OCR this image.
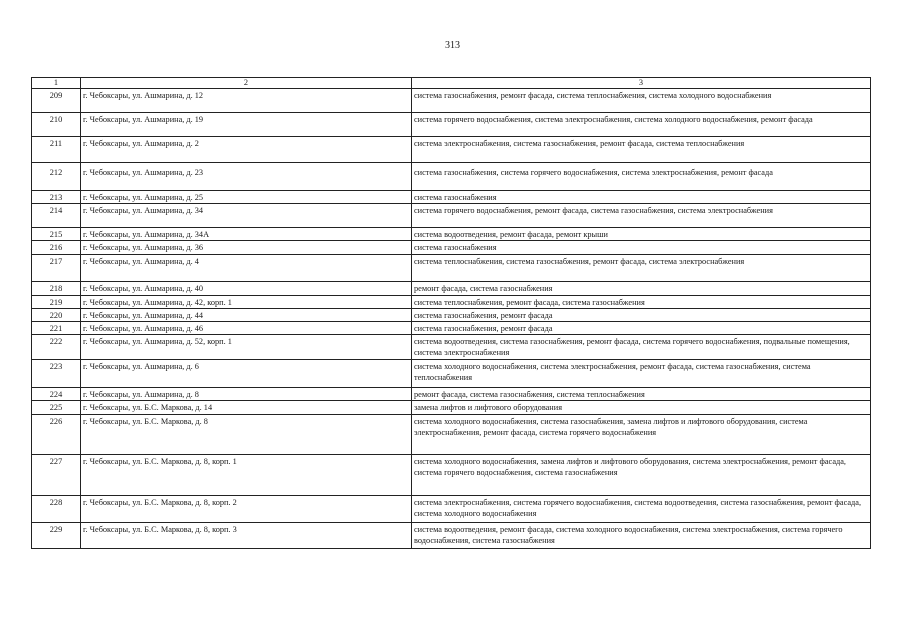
313
1	2	3
209	г. Чебоксары, ул. Ашмарина, д. 12	система газоснабжения, ремонт фасада, система теплоснабжения, система холодного водоснабжения
210	г. Чебоксары, ул. Ашмарина, д. 19	система горячего водоснабжения, система электроснабжения, система холодного водоснабжения, ремонт фасада
211	г. Чебоксары, ул. Ашмарина, д. 2	система электроснабжения, система газоснабжения, ремонт фасада, система теплоснабжения
212	г. Чебоксары, ул. Ашмарина, д. 23	система газоснабжения, система горячего водоснабжения, система электроснабжения, ремонт фасада
213	г. Чебоксары, ул. Ашмарина, д. 25	система газоснабжения
214	г. Чебоксары, ул. Ашмарина, д. 34	система горячего водоснабжения, ремонт фасада, система газоснабжения, система электроснабжения
215	г. Чебоксары, ул. Ашмарина, д. 34А	система водоотведения, ремонт фасада, ремонт крыши
216	г. Чебоксары, ул. Ашмарина, д. 36	система газоснабжения
217	г. Чебоксары, ул. Ашмарина, д. 4	система теплоснабжения, система газоснабжения, ремонт фасада, система электроснабжения
218	г. Чебоксары, ул. Ашмарина, д. 40	ремонт фасада, система газоснабжения
219	г. Чебоксары, ул. Ашмарина, д. 42, корп. 1	система теплоснабжения, ремонт фасада, система газоснабжения
220	г. Чебоксары, ул. Ашмарина, д. 44	система газоснабжения, ремонт фасада
221	г. Чебоксары, ул. Ашмарина, д. 46	система газоснабжения, ремонт фасада
222	г. Чебоксары, ул. Ашмарина, д. 52, корп. 1	система водоотведения, система газоснабжения, ремонт фасада, система горячего водоснабжения, подвальные помещения, система электроснабжения
223	г. Чебоксары, ул. Ашмарина, д. 6	система холодного водоснабжения, система электроснабжения, ремонт фасада, система газоснабжения, система теплоснабжения
224	г. Чебоксары, ул. Ашмарина, д. 8	ремонт фасада, система газоснабжения, система теплоснабжения
225	г. Чебоксары, ул. Б.С. Маркова, д. 14	замена лифтов и лифтового оборудования
226	г. Чебоксары, ул. Б.С. Маркова, д. 8	система холодного водоснабжения, система газоснабжения, замена лифтов и лифтового оборудования, система электроснабжения, ремонт фасада, система горячего водоснабжения
227	г. Чебоксары, ул. Б.С. Маркова, д. 8, корп. 1	система холодного водоснабжения, замена лифтов и лифтового оборудования, система электроснабжения, ремонт фасада, система горячего водоснабжения, система газоснабжения
228	г. Чебоксары, ул. Б.С. Маркова, д. 8, корп. 2	система электроснабжения, система горячего водоснабжения, система водоотведения, система газоснабжения, ремонт фасада, система холодного водоснабжения
229	г. Чебоксары, ул. Б.С. Маркова, д. 8, корп. 3	система водоотведения, ремонт фасада, система холодного водоснабжения, система электроснабжения, система горячего водоснабжения, система газоснабжения
